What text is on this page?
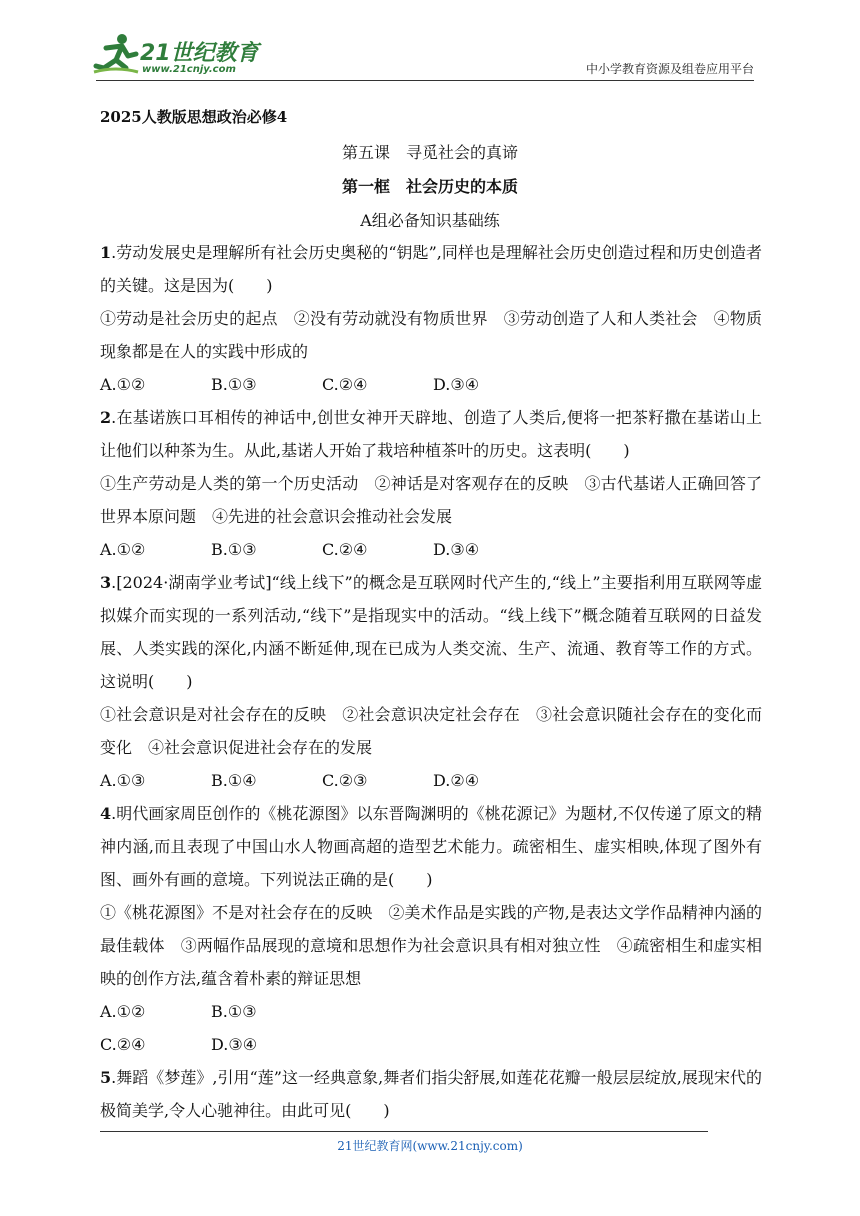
21世纪教育
www.21cnjy.com	中小学教育资源及组卷应用平台
2025人教版思想政治必修4
第五课　寻觅社会的真谛
第一框　社会历史的本质
A组必备知识基础练

1.劳动发展史是理解所有社会历史奥秘的“钥匙”,同样也是理解社会历史创造过程和历史创造者的关键。这是因为(　　)

①劳动是社会历史的起点　②没有劳动就没有物质世界　③劳动创造了人和人类社会　④物质现象都是在人的实践中形成的

A.①②	B.①③	C.②④	D.③④

2.在基诺族口耳相传的神话中,创世女神开天辟地、创造了人类后,便将一把茶籽撒在基诺山上让他们以种茶为生。从此,基诺人开始了栽培种植茶叶的历史。这表明(　　)

①生产劳动是人类的第一个历史活动　②神话是对客观存在的反映　③古代基诺人正确回答了世界本原问题　④先进的社会意识会推动社会发展

A.①②	B.①③	C.②④	D.③④

3.[2024·湖南学业考试]“线上线下”的概念是互联网时代产生的,“线上”主要指利用互联网等虚拟媒介而实现的一系列活动,“线下”是指现实中的活动。“线上线下”概念随着互联网的日益发展、人类实践的深化,内涵不断延伸,现在已成为人类交流、生产、流通、教育等工作的方式。这说明(　　)

①社会意识是对社会存在的反映　②社会意识决定社会存在　③社会意识随社会存在的变化而变化　④社会意识促进社会存在的发展

A.①③	B.①④	C.②③	D.②④

4.明代画家周臣创作的《桃花源图》以东晋陶渊明的《桃花源记》为题材,不仅传递了原文的精神内涵,而且表现了中国山水人物画高超的造型艺术能力。疏密相生、虚实相映,体现了图外有图、画外有画的意境。下列说法正确的是(　　)

①《桃花源图》不是对社会存在的反映　②美术作品是实践的产物,是表达文学作品精神内涵的最佳载体　③两幅作品展现的意境和思想作为社会意识具有相对独立性　④疏密相生和虚实相映的创作方法,蕴含着朴素的辩证思想

A.①②	B.①③
C.②④	D.③④

5.舞蹈《梦莲》,引用“莲”这一经典意象,舞者们指尖舒展,如莲花花瓣一般层层绽放,展现宋代的极简美学,令人心驰神往。由此可见(　　)

21世纪教育网(www.21cnjy.com)
